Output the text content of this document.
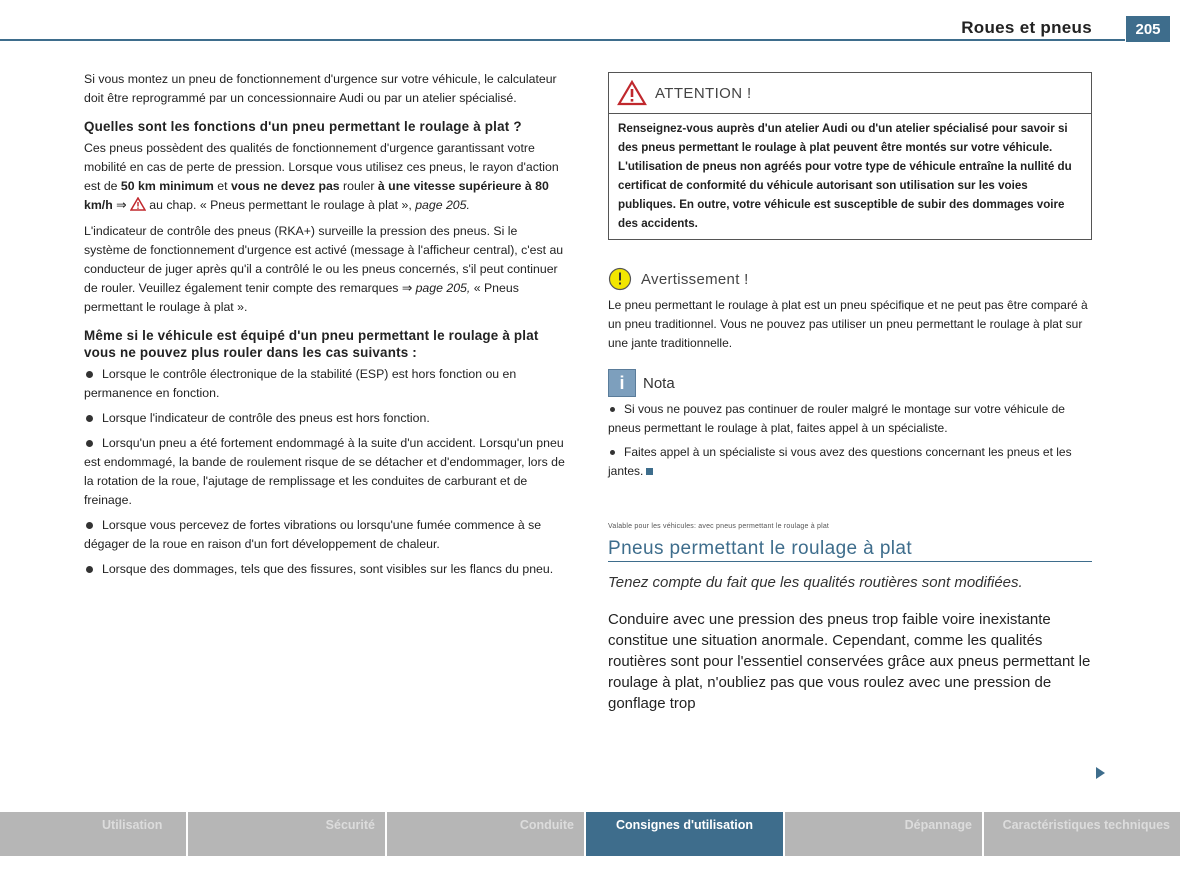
Roues et pneus	205

Si vous montez un pneu de fonctionnement d'urgence sur votre véhicule, le calculateur doit être reprogrammé par un concessionnaire Audi ou par un atelier spécialisé.

Quelles sont les fonctions d'un pneu permettant le roulage à plat ?

Ces pneus possèdent des qualités de fonctionnement d'urgence garantissant votre mobilité en cas de perte de pression. Lorsque vous utilisez ces pneus, le rayon d'action est de 50 km minimum et vous ne devez pas rouler à une vitesse supérieure à 80 km/h ⇒  au chap. « Pneus permettant le roulage à plat », page 205.

L'indicateur de contrôle des pneus (RKA+) surveille la pression des pneus. Si le système de fonctionnement d'urgence est activé (message à l'afficheur central), c'est au conducteur de juger après qu'il a contrôlé le ou les pneus concernés, s'il peut continuer de rouler. Veuillez également tenir compte des remarques ⇒ page 205, « Pneus permettant le roulage à plat ».

Même si le véhicule est équipé d'un pneu permettant le roulage à plat vous ne pouvez plus rouler dans les cas suivants :
Lorsque le contrôle électronique de la stabilité (ESP) est hors fonction ou en permanence en fonction.
Lorsque l'indicateur de contrôle des pneus est hors fonction.
Lorsqu'un pneu a été fortement endommagé à la suite d'un accident. Lorsqu'un pneu est endommagé, la bande de roulement risque de se détacher et d'endommager, lors de la rotation de la roue, l'ajutage de remplissage et les conduites de carburant et de freinage.
Lorsque vous percevez de fortes vibrations ou lorsqu'une fumée commence à se dégager de la roue en raison d'un fort développement de chaleur.
Lorsque des dommages, tels que des fissures, sont visibles sur les flancs du pneu.
ATTENTION !
Renseignez-vous auprès d'un atelier Audi ou d'un atelier spécialisé pour savoir si des pneus permettant le roulage à plat peuvent être montés sur votre véhicule. L'utilisation de pneus non agréés pour votre type de véhicule entraîne la nullité du certificat de conformité du véhicule autorisant son utilisation sur les voies publiques. En outre, votre véhicule est susceptible de subir des dommages voire des accidents.
Avertissement !
Le pneu permettant le roulage à plat est un pneu spécifique et ne peut pas être comparé à un pneu traditionnel. Vous ne pouvez pas utiliser un pneu permettant le roulage à plat sur une jante traditionnelle.
i	Nota

Si vous ne pouvez pas continuer de rouler malgré le montage sur votre véhicule de pneus permettant le roulage à plat, faites appel à un spécialiste.

Faites appel à un spécialiste si vous avez des questions concernant les pneus et les jantes.

Valable pour les véhicules: avec pneus permettant le roulage à plat
Pneus permettant le roulage à plat
Tenez compte du fait que les qualités routières sont modifiées.
Conduire avec une pression des pneus trop faible voire inexistante constitue une situation anormale. Cependant, comme les qualités routières sont pour l'essentiel conservées grâce aux pneus permettant le roulage à plat, n'oubliez pas que vous roulez avec une pression de gonflage trop
Utilisation	Sécurité	Conduite	Consignes d'utilisation	Dépannage	Caractéristiques techniques
